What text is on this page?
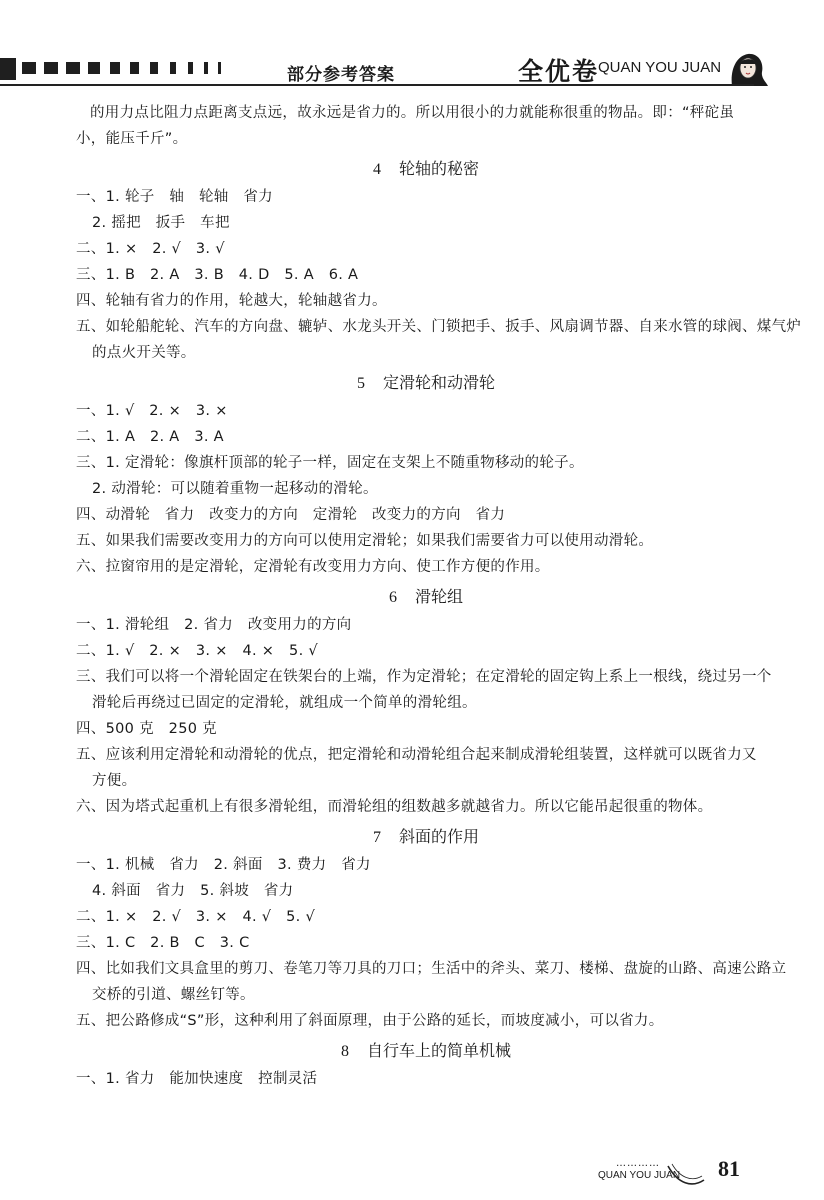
部分参考答案	全优卷
QUAN YOU JUAN
的用力点比阻力点距离支点远，故永远是省力的。所以用很小的力就能称很重的物品。即：“秤砣虽
小，能压千斤”。
4 轮轴的秘密
一、1. 轮子　轴　轮轴　省力
2. 摇把　扳手　车把
二、1. ×　2. √　3. √
三、1. B　2. A　3. B　4. D　5. A　6. A
四、轮轴有省力的作用，轮越大，轮轴越省力。
五、如轮船舵轮、汽车的方向盘、辘轳、水龙头开关、门锁把手、扳手、风扇调节器、自来水管的球阀、煤气炉
的点火开关等。
5 定滑轮和动滑轮
一、1. √　2. ×　3. ×
二、1. A　2. A　3. A
三、1. 定滑轮：像旗杆顶部的轮子一样，固定在支架上不随重物移动的轮子。
2. 动滑轮：可以随着重物一起移动的滑轮。
四、动滑轮　省力　改变力的方向　定滑轮　改变力的方向　省力
五、如果我们需要改变用力的方向可以使用定滑轮；如果我们需要省力可以使用动滑轮。
六、拉窗帘用的是定滑轮，定滑轮有改变用力方向、使工作方便的作用。
6 滑轮组
一、1. 滑轮组　2. 省力　改变用力的方向
二、1. √　2. ×　3. ×　4. ×　5. √
三、我们可以将一个滑轮固定在铁架台的上端，作为定滑轮；在定滑轮的固定钩上系上一根线，绕过另一个
滑轮后再绕过已固定的定滑轮，就组成一个简单的滑轮组。
四、500 克　250 克
五、应该利用定滑轮和动滑轮的优点，把定滑轮和动滑轮组合起来制成滑轮组装置，这样就可以既省力又
方便。
六、因为塔式起重机上有很多滑轮组，而滑轮组的组数越多就越省力。所以它能吊起很重的物体。
7 斜面的作用
一、1. 机械　省力　2. 斜面　3. 费力　省力
4. 斜面　省力　5. 斜坡　省力
二、1. ×　2. √　3. ×　4. √　5. √
三、1. C　2. B　C　3. C
四、比如我们文具盒里的剪刀、卷笔刀等刀具的刀口；生活中的斧头、菜刀、楼梯、盘旋的山路、高速公路立
交桥的引道、螺丝钉等。
五、把公路修成“S”形，这种利用了斜面原理，由于公路的延长，而坡度减小，可以省力。
8 自行车上的简单机械
一、1. 省力　能加快速度　控制灵活
…………
QUAN YOU JUAN 81
